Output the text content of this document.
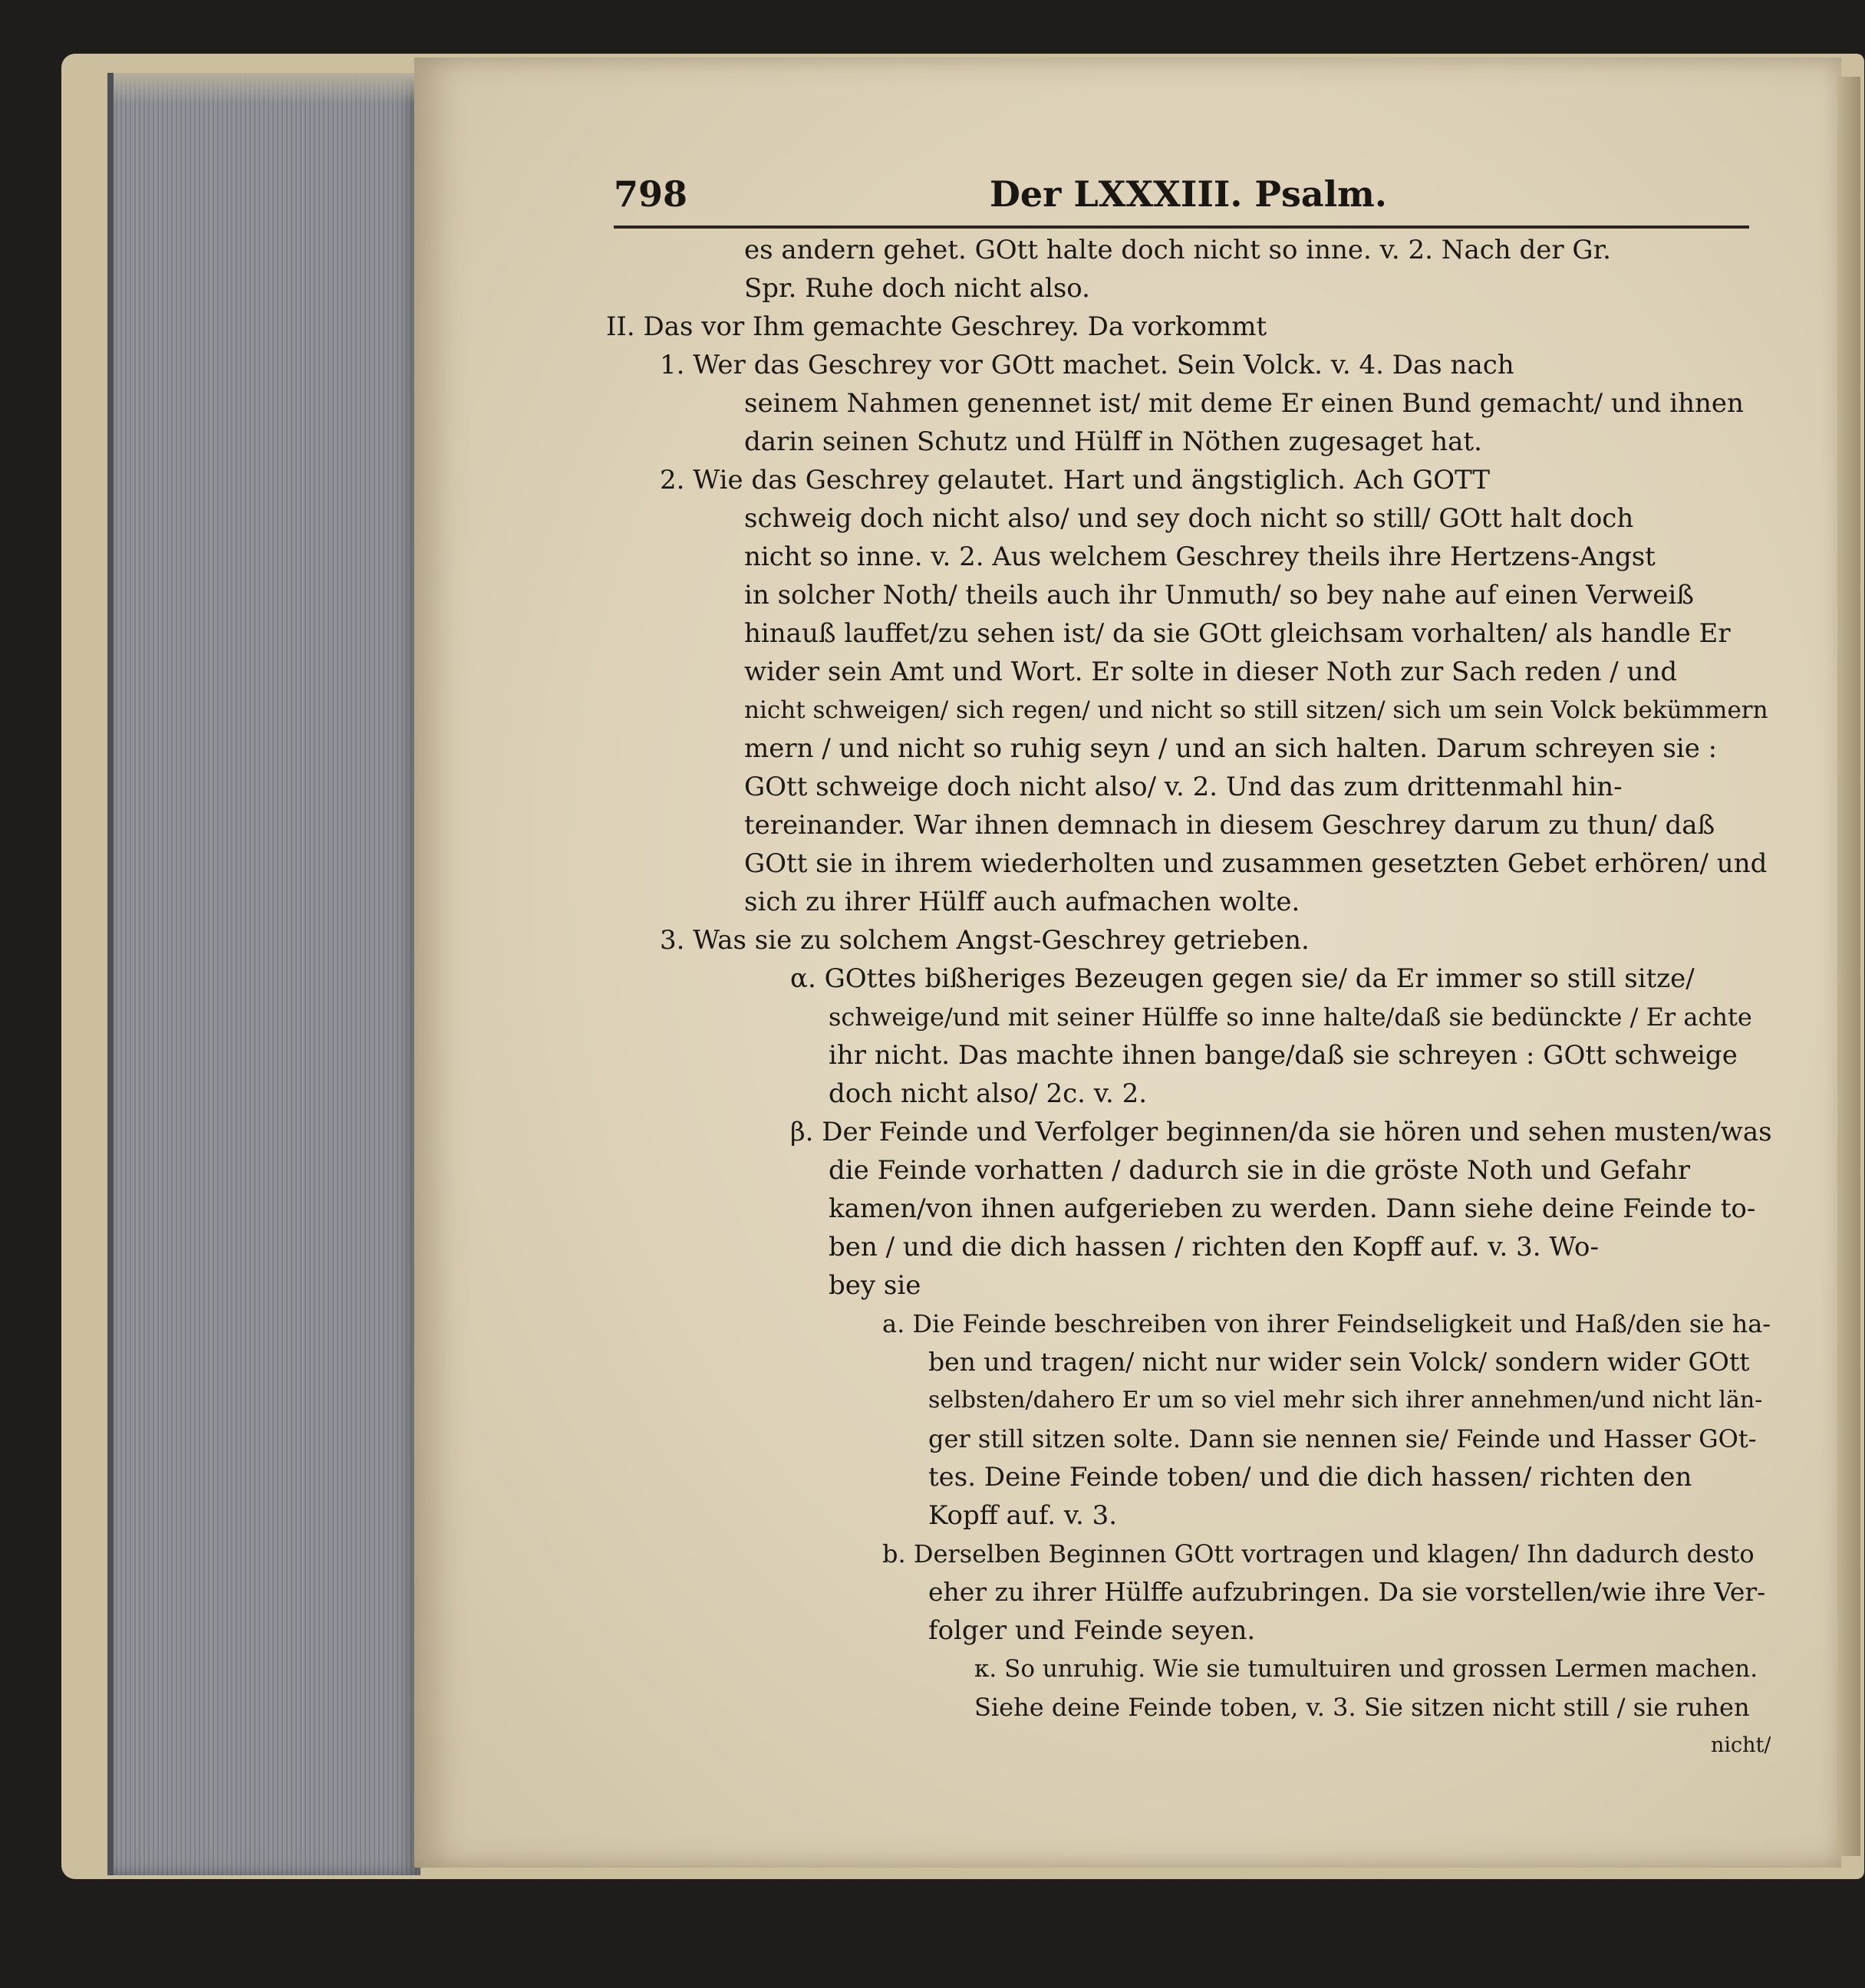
798	Der LXXXIII. Psalm.
es andern gehet. GOtt halte doch nicht so inne. v. 2. Nach der Gr.
Spr. Ruhe doch nicht also.
II. Das vor Ihm gemachte Geschrey. Da vorkommt
1. Wer das Geschrey vor GOtt machet. Sein Volck. v. 4. Das nach
seinem Nahmen genennet ist/ mit deme Er einen Bund gemacht/ und ihnen
darin seinen Schutz und Hülff in Nöthen zugesaget hat.
2. Wie das Geschrey gelautet. Hart und ängstiglich. Ach GOTT
schweig doch nicht also/ und sey doch nicht so still/ GOtt halt doch
nicht so inne. v. 2. Aus welchem Geschrey theils ihre Hertzens-Angst
in solcher Noth/ theils auch ihr Unmuth/ so bey nahe auf einen Verweiß
hinauß lauffet/zu sehen ist/ da sie GOtt gleichsam vorhalten/ als handle Er
wider sein Amt und Wort. Er solte in dieser Noth zur Sach reden / und
nicht schweigen/ sich regen/ und nicht so still sitzen/ sich um sein Volck bekümmern
mern / und nicht so ruhig seyn / und an sich halten. Darum schreyen sie :
GOtt schweige doch nicht also/ v. 2. Und das zum drittenmahl hin-
tereinander. War ihnen demnach in diesem Geschrey darum zu thun/ daß
GOtt sie in ihrem wiederholten und zusammen gesetzten Gebet erhören/ und
sich zu ihrer Hülff auch aufmachen wolte.
3. Was sie zu solchem Angst-Geschrey getrieben.
α. GOttes bißheriges Bezeugen gegen sie/ da Er immer so still sitze/
schweige/und mit seiner Hülffe so inne halte/daß sie bedünckte / Er achte
ihr nicht. Das machte ihnen bange/daß sie schreyen : GOtt schweige
doch nicht also/ 2c. v. 2.
β. Der Feinde und Verfolger beginnen/da sie hören und sehen musten/was
die Feinde vorhatten / dadurch sie in die gröste Noth und Gefahr
kamen/von ihnen aufgerieben zu werden. Dann siehe deine Feinde to-
ben / und die dich hassen / richten den Kopff auf. v. 3. Wo-
bey sie
a. Die Feinde beschreiben von ihrer Feindseligkeit und Haß/den sie ha-
ben und tragen/ nicht nur wider sein Volck/ sondern wider GOtt
selbsten/dahero Er um so viel mehr sich ihrer annehmen/und nicht län-
ger still sitzen solte. Dann sie nennen sie/ Feinde und Hasser GOt-
tes. Deine Feinde toben/ und die dich hassen/ richten den
Kopff auf. v. 3.
b. Derselben Beginnen GOtt vortragen und klagen/ Ihn dadurch desto
eher zu ihrer Hülffe aufzubringen. Da sie vorstellen/wie ihre Ver-
folger und Feinde seyen.
κ. So unruhig. Wie sie tumultuiren und grossen Lermen machen.
Siehe deine Feinde toben, v. 3. Sie sitzen nicht still / sie ruhen
nicht/
